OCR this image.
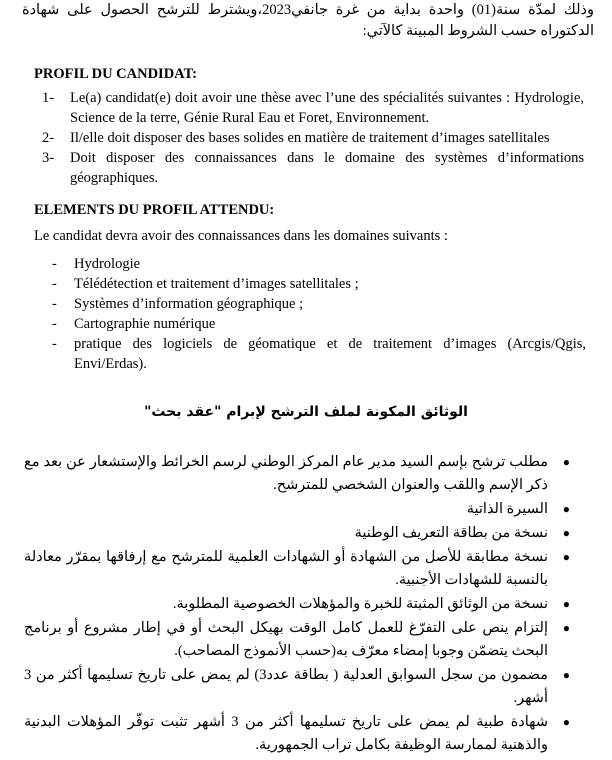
وذلك لمدّة سنة(01) واحدة بداية من غرة جانفي2023،ويشترط للترشح الحصول على شهادة الدكتوراه حسب الشروط المبينة كالآتي:
PROFIL DU CANDIDAT:
1- Le(a) candidat(e) doit avoir une thèse avec l’une des spécialités suivantes : Hydrologie, Science de la terre, Génie Rural Eau et Foret, Environnement.
2- Il/elle doit disposer des bases solides en matière de traitement d’images satellitales
3- Doit disposer des connaissances dans le domaine des systèmes d’informations géographiques.
ELEMENTS DU PROFIL ATTENDU:
Le candidat devra avoir des connaissances dans les domaines suivants :
- Hydrologie
- Télédétection et traitement d’images satellitales ;
- Systèmes d’information géographique ;
- Cartographie numérique
- pratique des logiciels de géomatique et de traitement d’images (Arcgis/Qgis, Envi/Erdas).
الوثائق المكونة لملف الترشح لإبرام "عقد بحث"
●
مطلب ترشح بإسم السيد مدير عام المركز الوطني لرسم الخرائط والإستشعار عن بعد مع ذكر الإسم واللقب والعنوان الشخصي للمترشح.
●
السيرة الذاتية
●
نسخة من بطاقة التعريف الوطنية
●
نسخة مطابقة للأصل من الشهادة أو الشهادات العلمية للمترشح مع إرفاقها بمقرّر معادلة بالنسبة للشهادات الأجنبية.
●
نسخة من الوثائق المثبتة للخبرة والمؤهلات الخصوصية المطلوبة.
●
إلتزام ينص على التفرّغ للعمل كامل الوقت بهيكل البحث أو في إطار مشروع أو برنامج البحث يتضمّن وجوبا إمضاء معرّف به(حسب الأنموذج المصاحب).
●
مضمون من سجل السوابق العدلية ( بطاقة عدد3) لم يمض على تاريخ تسليمها أكثر من 3 أشهر.
●
شهادة طبية لم يمض على تاريخ تسليمها أكثر من 3 أشهر تثبت توفّر المؤهلات البدنية والذهنية لممارسة الوظيفة بكامل تراب الجمهورية.
